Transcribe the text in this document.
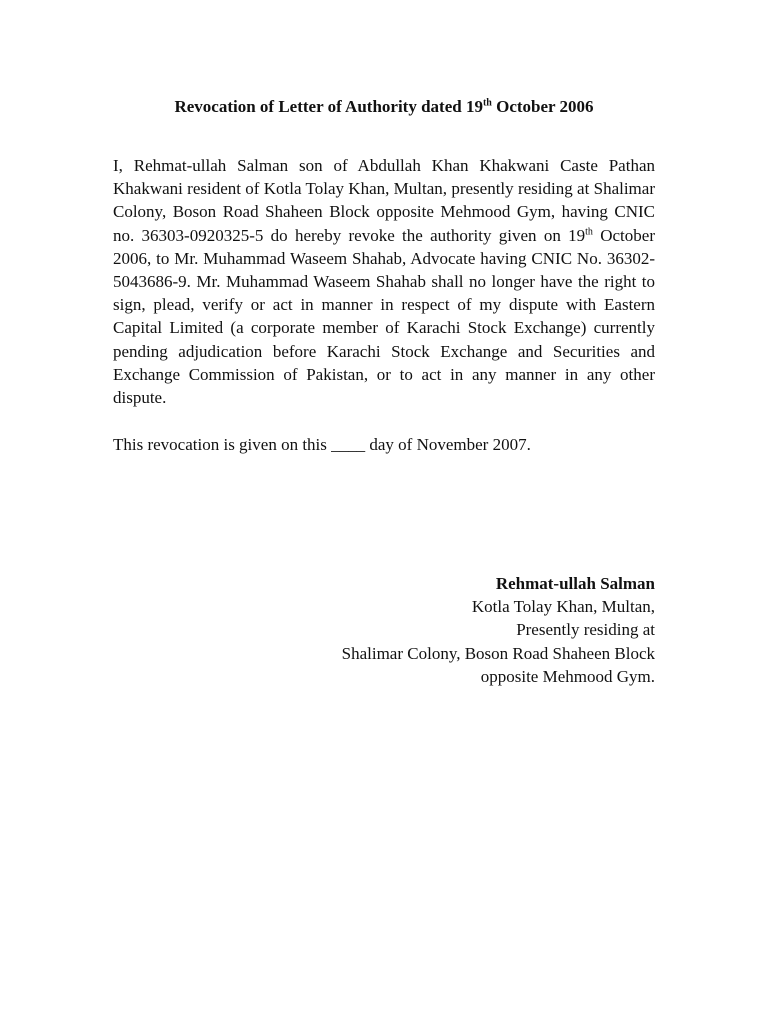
Revocation of Letter of Authority dated 19th October 2006

I, Rehmat-ullah Salman son of Abdullah Khan Khakwani Caste Pathan Khakwani resident of Kotla Tolay Khan, Multan, presently residing at Shalimar Colony, Boson Road Shaheen Block opposite Mehmood Gym, having CNIC no. 36303-0920325-5 do hereby revoke the authority given on 19th October 2006, to Mr. Muhammad Waseem Shahab, Advocate having CNIC No. 36302-5043686-9. Mr. Muhammad Waseem Shahab shall no longer have the right to sign, plead, verify or act in manner in respect of my dispute with Eastern Capital Limited (a corporate member of Karachi Stock Exchange) currently pending adjudication before Karachi Stock Exchange and Securities and Exchange Commission of Pakistan, or to act in any manner in any other dispute.

This revocation is given on this ____ day of November 2007.

Rehmat-ullah Salman
Kotla Tolay Khan, Multan,
Presently residing at
Shalimar Colony, Boson Road Shaheen Block
opposite Mehmood Gym.
